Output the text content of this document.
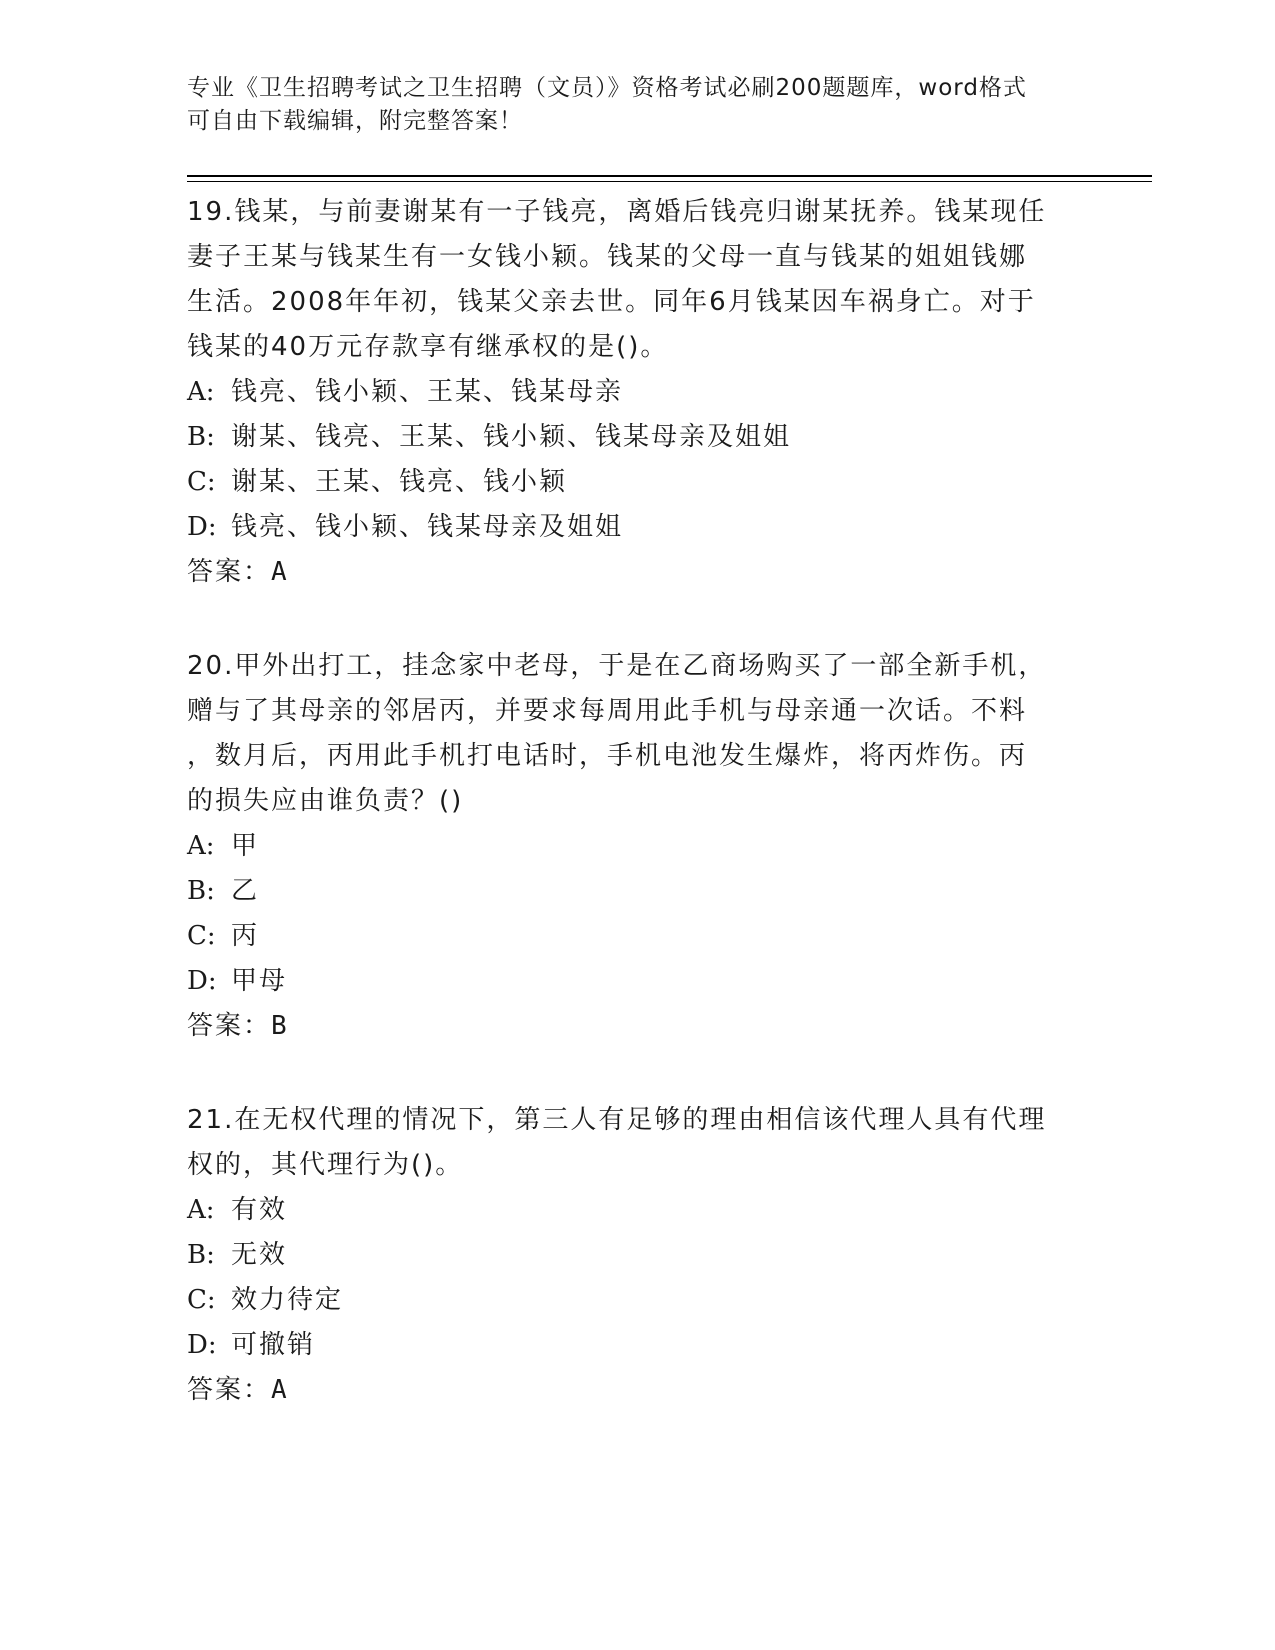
专业《卫生招聘考试之卫生招聘（文员）》资格考试必刷200题题库，word格式
可自由下载编辑，附完整答案！
19.钱某，与前妻谢某有一子钱亮，离婚后钱亮归谢某抚养。钱某现任
妻子王某与钱某生有一女钱小颖。钱某的父母一直与钱某的姐姐钱娜
生活。2008年年初，钱某父亲去世。同年6月钱某因车祸身亡。对于
钱某的40万元存款享有继承权的是()。
A: 钱亮、钱小颖、王某、钱某母亲
B: 谢某、钱亮、王某、钱小颖、钱某母亲及姐姐
C: 谢某、王某、钱亮、钱小颖
D: 钱亮、钱小颖、钱某母亲及姐姐
答案：A
20.甲外出打工，挂念家中老母，于是在乙商场购买了一部全新手机，
赠与了其母亲的邻居丙，并要求每周用此手机与母亲通一次话。不料
，数月后，丙用此手机打电话时，手机电池发生爆炸，将丙炸伤。丙
的损失应由谁负责？()
A: 甲
B: 乙
C: 丙
D: 甲母
答案：B
21.在无权代理的情况下，第三人有足够的理由相信该代理人具有代理
权的，其代理行为()。
A: 有效
B: 无效
C: 效力待定
D: 可撤销
答案：A
